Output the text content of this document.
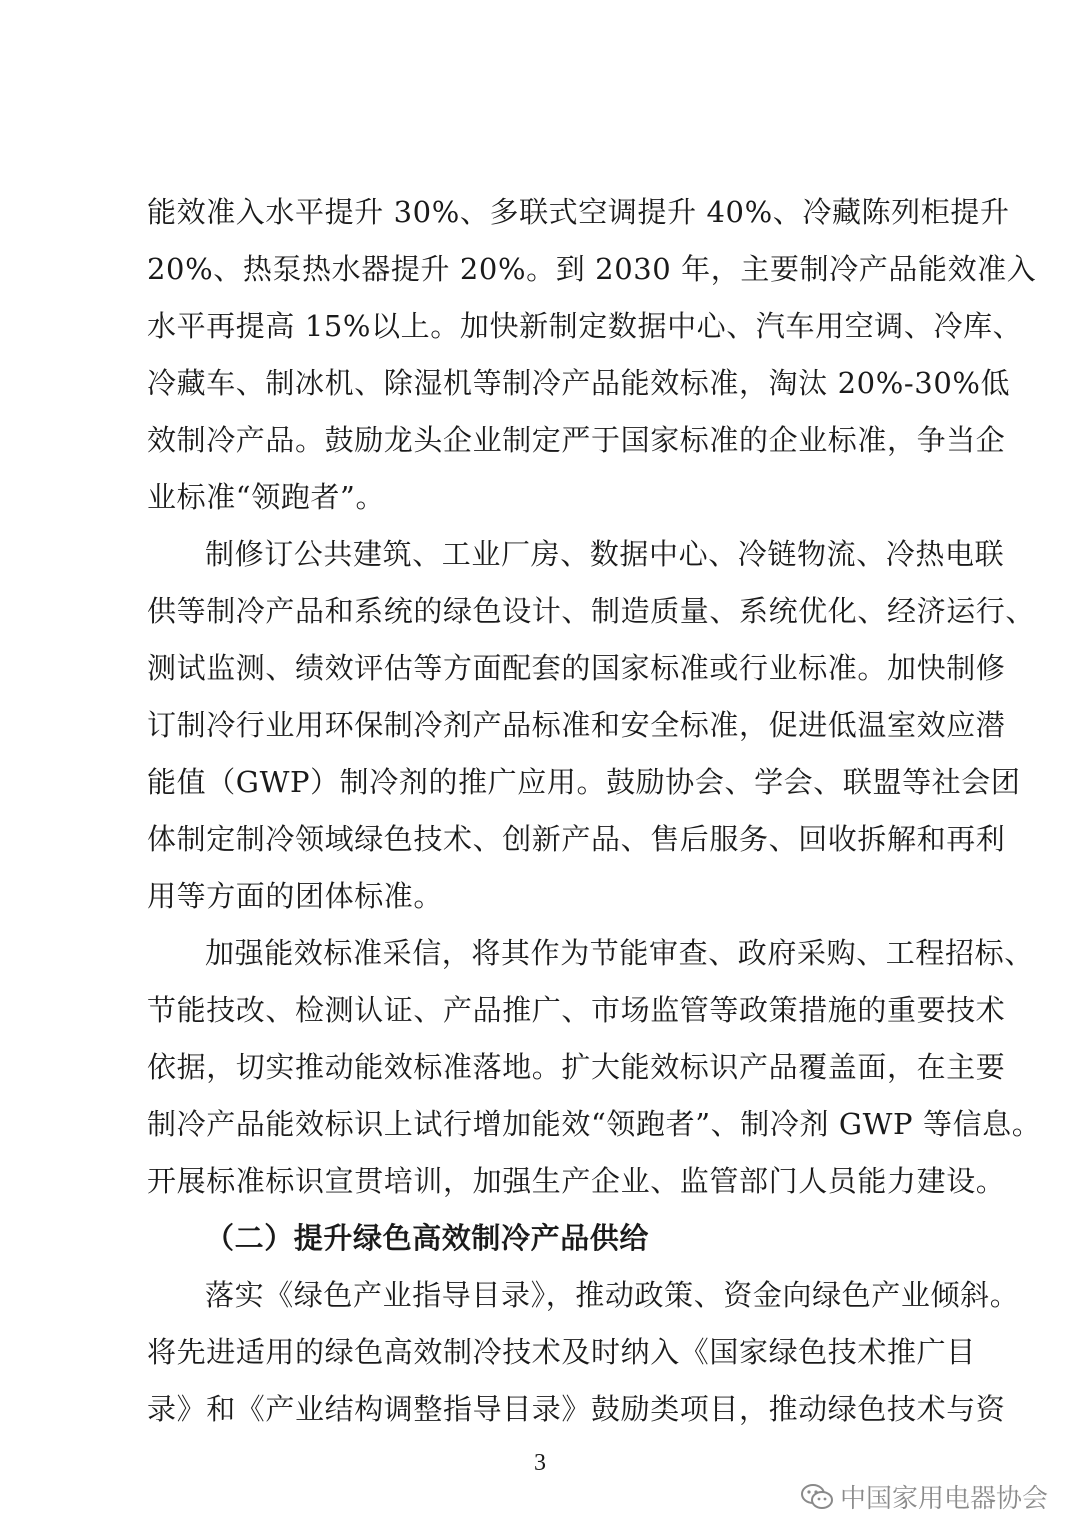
能效准入水平提升 30%、多联式空调提升 40%、冷藏陈列柜提升
20%、热泵热水器提升 20%。到 2030 年，主要制冷产品能效准入
水平再提高 15%以上。加快新制定数据中心、汽车用空调、冷库、
冷藏车、制冰机、除湿机等制冷产品能效标准，淘汰 20%-30%低
效制冷产品。鼓励龙头企业制定严于国家标准的企业标准，争当企
业标准“领跑者”。
制修订公共建筑、工业厂房、数据中心、冷链物流、冷热电联
供等制冷产品和系统的绿色设计、制造质量、系统优化、经济运行、
测试监测、绩效评估等方面配套的国家标准或行业标准。加快制修
订制冷行业用环保制冷剂产品标准和安全标准，促进低温室效应潜
能值（GWP）制冷剂的推广应用。鼓励协会、学会、联盟等社会团
体制定制冷领域绿色技术、创新产品、售后服务、回收拆解和再利
用等方面的团体标准。
加强能效标准采信，将其作为节能审查、政府采购、工程招标、
节能技改、检测认证、产品推广、市场监管等政策措施的重要技术
依据，切实推动能效标准落地。扩大能效标识产品覆盖面，在主要
制冷产品能效标识上试行增加能效“领跑者”、制冷剂 GWP 等信息。
开展标准标识宣贯培训，加强生产企业、监管部门人员能力建设。
（二）提升绿色高效制冷产品供给
落实《绿色产业指导目录》，推动政策、资金向绿色产业倾斜。
将先进适用的绿色高效制冷技术及时纳入《国家绿色技术推广目
录》和《产业结构调整指导目录》鼓励类项目，推动绿色技术与资
3
中国家用电器协会
